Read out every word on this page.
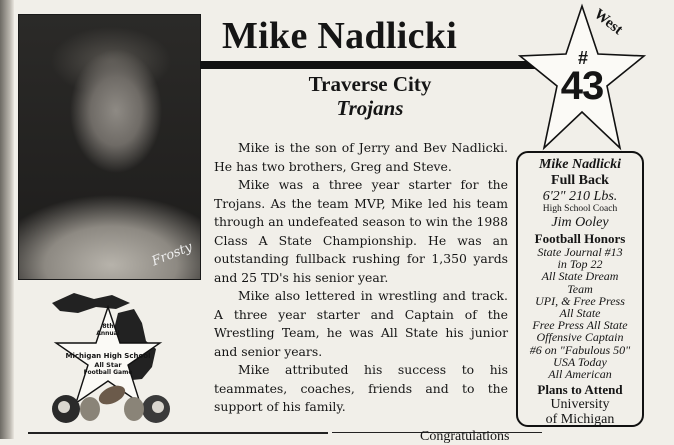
Frosty
Mike Nadlicki
Traverse City
Trojans
West
#
43

Mike is the son of Jerry and Bev Nadlicki. He has two brothers, Greg and Steve.

Mike was a three year starter for the Trojans. As the team MVP, Mike led his team through an undefeated season to win the 1988 Class A State Championship. He was an outstanding fullback rushing for 1,350 yards and 25 TD's his senior year.

Mike also lettered in wrestling and track. A three year starter and Captain of the Wrestling Team, he was All State his junior and senior years.

Mike attributed his success to his teammates, coaches, friends and to the support of his family.

Mike Nadlicki
Full Back
6'2" 210 Lbs.
High School Coach
Jim Ooley
Football Honors
State Journal #13
in Top 22
All State Dream
Team
UPI, & Free Press
All State
Free Press All State
Offensive Captain
#6 on "Fabulous 50"
USA Today
All American
Plans to Attend
University
of Michigan
8th
Annual
Michigan High School
All Star
Football Game
Congratulations
